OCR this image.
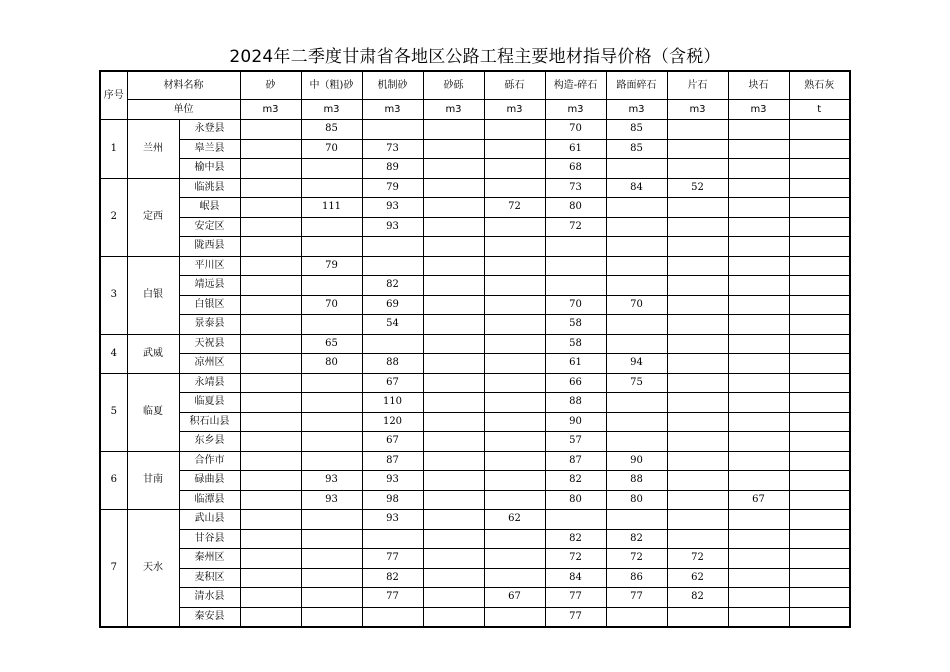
2024年二季度甘肃省各地区公路工程主要地材指导价格（含税）
序号	材料名称		砂	中（粗)砂	机制砂	砂砾	砾石	构造-碎石	路面碎石	片石	块石	熟石灰
	单位		m3	m3	m3	m3	m3	m3	m3	m3	m3	t
1	兰州	永登县		85				70	85			
		皋兰县		70	73			61	85			
		榆中县			89			68				
2	定西	临洮县			79			73	84	52		
		岷县		111	93		72	80				
		安定区			93			72				
		陇西县										
3	白银	平川区		79								
		靖远县			82							
		白银区		70	69			70	70			
		景泰县			54			58				
4	武威	天祝县		65				58				
		凉州区		80	88			61	94			
5	临夏	永靖县			67			66	75			
		临夏县			110			88				
		积石山县			120			90				
		东乡县			67			57				
6	甘南	合作市			87			87	90			
		碌曲县		93	93			82	88			
		临潭县		93	98			80	80		67	
7	天水	武山县			93		62					
		甘谷县						82	82			
		秦州区			77			72	72	72		
		麦积区			82			84	86	62		
		清水县			77		67	77	77	82		
		秦安县						77				
